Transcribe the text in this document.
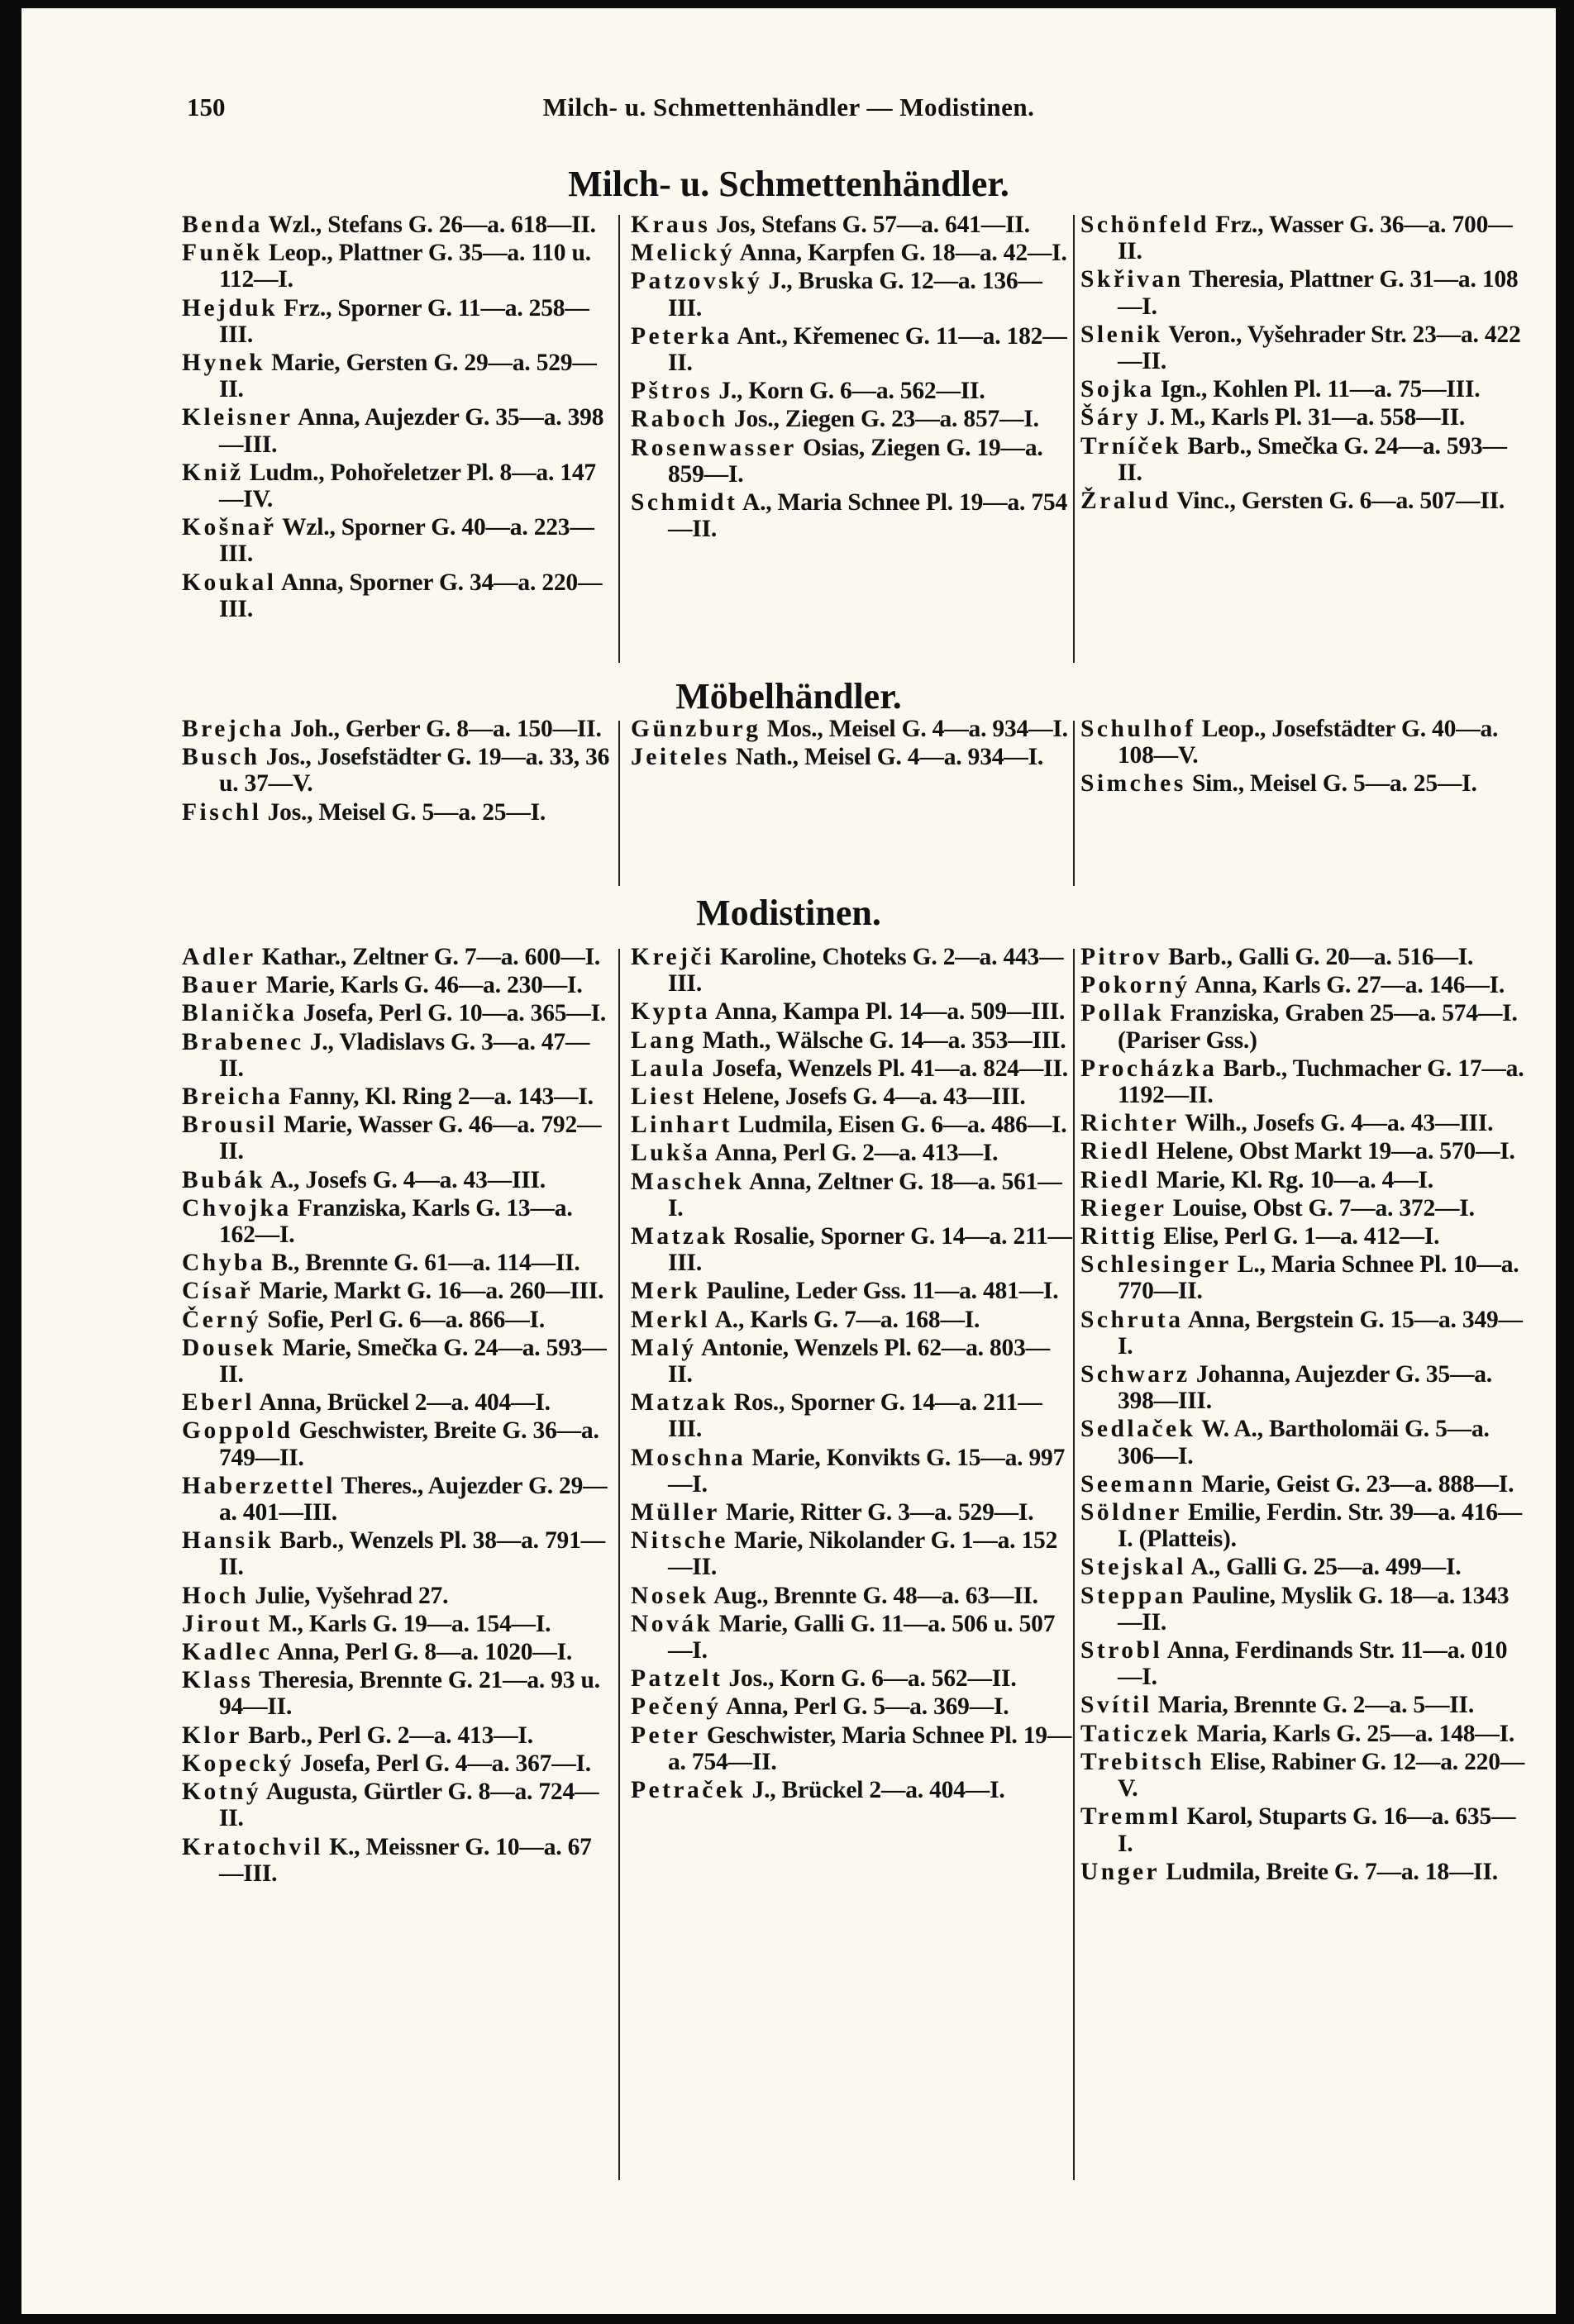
150	Milch- u. Schmettenhändler — Modistinen.
Milch- u. Schmettenhändler.
Benda Wzl., Stefans G. 26—a. 618—II.
Funěk Leop., Plattner G. 35—a. 110 u. 112—I.
Hejduk Frz., Sporner G. 11—a. 258—III.
Hynek Marie, Gersten G. 29—a. 529—II.
Kleisner Anna, Aujezder G. 35—a. 398—III.
Kniž Ludm., Pohořeletzer Pl. 8—a. 147—IV.
Košnař Wzl., Sporner G. 40—a. 223—III.
Koukal Anna, Sporner G. 34—a. 220—III.
Kraus Jos, Stefans G. 57—a. 641—II.
Melický Anna, Karpfen G. 18—a. 42—I.
Patzovský J., Bruska G. 12—a. 136—III.
Peterka Ant., Křemenec G. 11—a. 182—II.
Pštros J., Korn G. 6—a. 562—II.
Raboch Jos., Ziegen G. 23—a. 857—I.
Rosenwasser Osias, Ziegen G. 19—a. 859—I.
Schmidt A., Maria Schnee Pl. 19—a. 754—II.
Schönfeld Frz., Wasser G. 36—a. 700—II.
Skřivan Theresia, Plattner G. 31—a. 108—I.
Slenik Veron., Vyšehrader Str. 23—a. 422—II.
Sojka Ign., Kohlen Pl. 11—a. 75—III.
Šáry J. M., Karls Pl. 31—a. 558—II.
Trníček Barb., Smečka G. 24—a. 593—II.
Žralud Vinc., Gersten G. 6—a. 507—II.
Möbelhändler.
Brejcha Joh., Gerber G. 8—a. 150—II.
Busch Jos., Josefstädter G. 19—a. 33, 36 u. 37—V.
Fischl Jos., Meisel G. 5—a. 25—I.
Günzburg Mos., Meisel G. 4—a. 934—I.
Jeiteles Nath., Meisel G. 4—a. 934—I.
Schulhof Leop., Josefstädter G. 40—a. 108—V.
Simches Sim., Meisel G. 5—a. 25—I.
Modistinen.
Adler Kathar., Zeltner G. 7—a. 600—I.
Bauer Marie, Karls G. 46—a. 230—I.
Blanička Josefa, Perl G. 10—a. 365—I.
Brabenec J., Vladislavs G. 3—a. 47—II.
Breicha Fanny, Kl. Ring 2—a. 143—I.
Brousil Marie, Wasser G. 46—a. 792—II.
Bubák A., Josefs G. 4—a. 43—III.
Chvojka Franziska, Karls G. 13—a. 162—I.
Chyba B., Brennte G. 61—a. 114—II.
Císař Marie, Markt G. 16—a. 260—III.
Černý Sofie, Perl G. 6—a. 866—I.
Dousek Marie, Smečka G. 24—a. 593—II.
Eberl Anna, Brückel 2—a. 404—I.
Goppold Geschwister, Breite G. 36—a. 749—II.
Haberzettel Theres., Aujezder G. 29—a. 401—III.
Hansik Barb., Wenzels Pl. 38—a. 791—II.
Hoch Julie, Vyšehrad 27.
Jirout M., Karls G. 19—a. 154—I.
Kadlec Anna, Perl G. 8—a. 1020—I.
Klass Theresia, Brennte G. 21—a. 93 u. 94—II.
Klor Barb., Perl G. 2—a. 413—I.
Kopecký Josefa, Perl G. 4—a. 367—I.
Kotný Augusta, Gürtler G. 8—a. 724—II.
Kratochvil K., Meissner G. 10—a. 67—III.
Krejči Karoline, Choteks G. 2—a. 443—III.
Kypta Anna, Kampa Pl. 14—a. 509—III.
Lang Math., Wälsche G. 14—a. 353—III.
Laula Josefa, Wenzels Pl. 41—a. 824—II.
Liest Helene, Josefs G. 4—a. 43—III.
Linhart Ludmila, Eisen G. 6—a. 486—I.
Lukša Anna, Perl G. 2—a. 413—I.
Maschek Anna, Zeltner G. 18—a. 561—I.
Matzak Rosalie, Sporner G. 14—a. 211—III.
Merk Pauline, Leder Gss. 11—a. 481—I.
Merkl A., Karls G. 7—a. 168—I.
Malý Antonie, Wenzels Pl. 62—a. 803—II.
Matzak Ros., Sporner G. 14—a. 211—III.
Moschna Marie, Konvikts G. 15—a. 997—I.
Müller Marie, Ritter G. 3—a. 529—I.
Nitsche Marie, Nikolander G. 1—a. 152—II.
Nosek Aug., Brennte G. 48—a. 63—II.
Novák Marie, Galli G. 11—a. 506 u. 507—I.
Patzelt Jos., Korn G. 6—a. 562—II.
Pečený Anna, Perl G. 5—a. 369—I.
Peter Geschwister, Maria Schnee Pl. 19—a. 754—II.
Petraček J., Brückel 2—a. 404—I.
Pitrov Barb., Galli G. 20—a. 516—I.
Pokorný Anna, Karls G. 27—a. 146—I.
Pollak Franziska, Graben 25—a. 574—I. (Pariser Gss.)
Procházka Barb., Tuchmacher G. 17—a. 1192—II.
Richter Wilh., Josefs G. 4—a. 43—III.
Riedl Helene, Obst Markt 19—a. 570—I.
Riedl Marie, Kl. Rg. 10—a. 4—I.
Rieger Louise, Obst G. 7—a. 372—I.
Rittig Elise, Perl G. 1—a. 412—I.
Schlesinger L., Maria Schnee Pl. 10—a. 770—II.
Schruta Anna, Bergstein G. 15—a. 349—I.
Schwarz Johanna, Aujezder G. 35—a. 398—III.
Sedlaček W. A., Bartholomäi G. 5—a. 306—I.
Seemann Marie, Geist G. 23—a. 888—I.
Söldner Emilie, Ferdin. Str. 39—a. 416—I. (Platteis).
Stejskal A., Galli G. 25—a. 499—I.
Steppan Pauline, Myslik G. 18—a. 1343—II.
Strobl Anna, Ferdinands Str. 11—a. 010—I.
Svítil Maria, Brennte G. 2—a. 5—II.
Taticzek Maria, Karls G. 25—a. 148—I.
Trebitsch Elise, Rabiner G. 12—a. 220—V.
Tremml Karol, Stuparts G. 16—a. 635—I.
Unger Ludmila, Breite G. 7—a. 18—II.
